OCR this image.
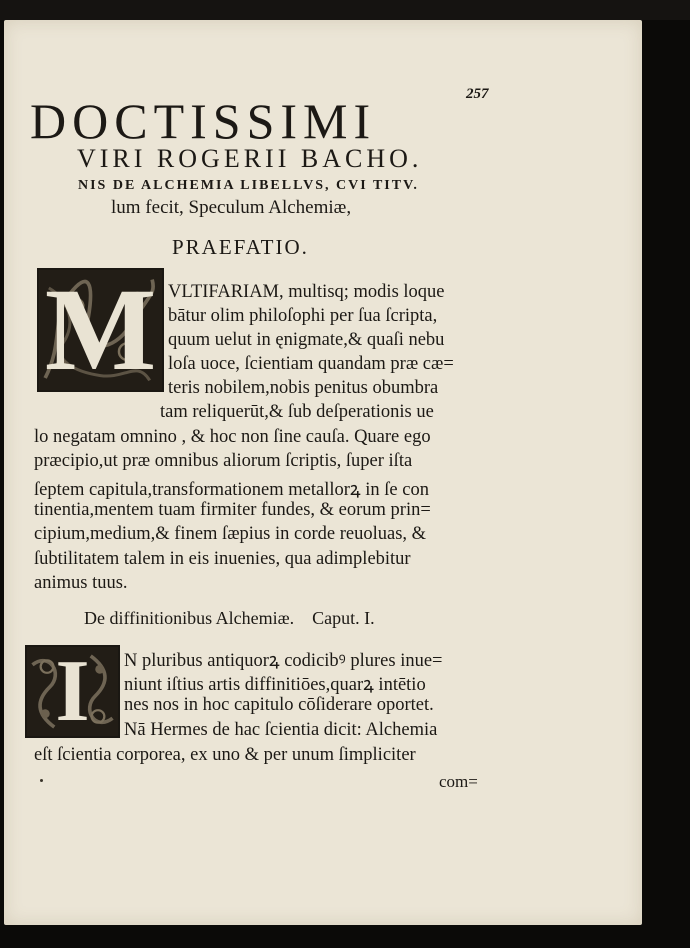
257
DOCTISSIMI
VIRI ROGERII BACHO.
NIS DE ALCHEMIA LIBELLVS, CVI TITV.
lum fecit, Speculum Alchemiæ,
PRAEFATIO.
M VLTIFARIAM, multisq; modis loque
bātur olim philoſophi per ſua ſcripta,
quum uelut in ęnigmate,& quaſi nebu
loſa uoce, ſcientiam quandam præ cæ=
teris nobilem,nobis penitus obumbra
tam reliquerūt,& ſub deſperationis ue
lo negatam omnino , & hoc non ſine cauſa. Quare ego
præcipio,ut præ omnibus aliorum ſcriptis, ſuper iſta
ſeptem capitula,transformationem metallorꝝ in ſe con
tinentia,mentem tuam firmiter fundes, & eorum prin=
cipium,medium,& finem ſæpius in corde reuoluas, &
ſubtilitatem talem in eis inuenies, qua adimplebitur
animus tuus.
De diffinitionibus Alchemiæ.    Caput. I.
I	N pluribus antiquorꝝ codicibꝰ plures inue=
niunt iſtius artis diffinitiōes,quarꝝ intētio
nes nos in hoc capitulo cōſiderare oportet.
Nā Hermes de hac ſcientia dicit: Alchemia
eſt ſcientia corporea, ex uno & per unum ſimpliciter
com=
